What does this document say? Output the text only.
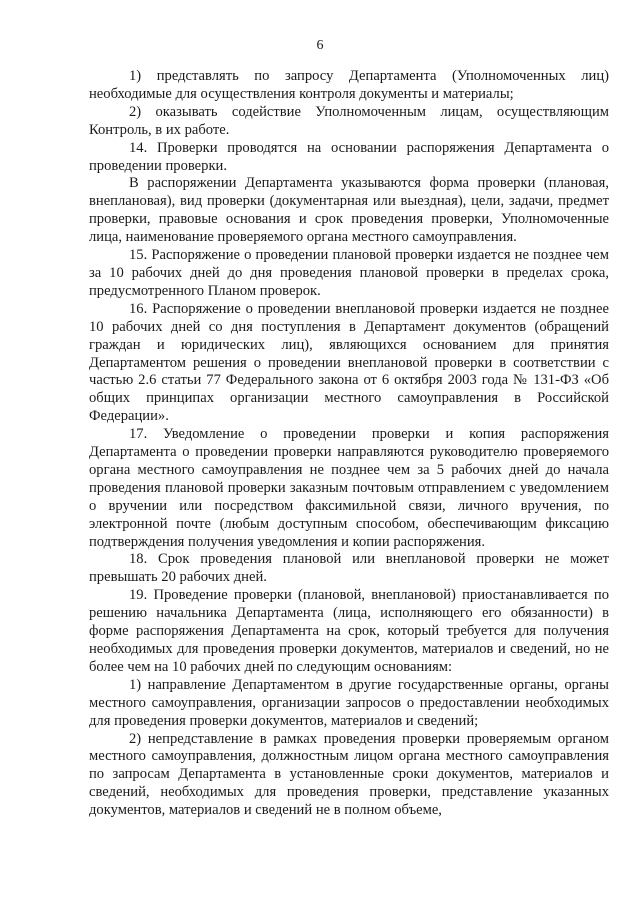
6

1) представлять по запросу Департамента (Уполномоченных лиц) необходимые для осуществления контроля документы и материалы;

2) оказывать содействие Уполномоченным лицам, осуществляющим Контроль, в их работе.

14. Проверки проводятся на основании распоряжения Департамента о проведении проверки.

В распоряжении Департамента указываются форма проверки (плановая, внеплановая), вид проверки (документарная или выездная), цели, задачи, предмет проверки, правовые основания и срок проведения проверки, Уполномоченные лица, наименование проверяемого органа местного самоуправления.

15. Распоряжение о проведении плановой проверки издается не позднее чем за 10 рабочих дней до дня проведения плановой проверки в пределах срока, предусмотренного Планом проверок.

16. Распоряжение о проведении внеплановой проверки издается не позднее 10 рабочих дней со дня поступления в Департамент документов (обращений граждан и юридических лиц), являющихся основанием для принятия Департаментом решения о проведении внеплановой проверки в соответствии с частью 2.6 статьи 77 Федерального закона от 6 октября 2003 года № 131-ФЗ «Об общих принципах организации местного самоуправления в Российской Федерации».

17. Уведомление о проведении проверки и копия распоряжения Департамента о проведении проверки направляются руководителю проверяемого органа местного самоуправления не позднее чем за 5 рабочих дней до начала проведения плановой проверки заказным почтовым отправлением с уведомлением о вручении или посредством факсимильной связи, личного вручения, по электронной почте (любым доступным способом, обеспечивающим фиксацию подтверждения получения уведомления и копии распоряжения.

18. Срок проведения плановой или внеплановой проверки не может превышать 20 рабочих дней.

19. Проведение проверки (плановой, внеплановой) приостанавливается по решению начальника Департамента (лица, исполняющего его обязанности) в форме распоряжения Департамента на срок, который требуется для получения необходимых для проведения проверки документов, материалов и сведений, но не более чем на 10 рабочих дней по следующим основаниям:

1) направление Департаментом в другие государственные органы, органы местного самоуправления, организации запросов о предоставлении необходимых для проведения проверки документов, материалов и сведений;

2) непредставление в рамках проведения проверки проверяемым органом местного самоуправления, должностным лицом органа местного самоуправления по запросам Департамента в установленные сроки документов, материалов и сведений, необходимых для проведения проверки, представление указанных документов, материалов и сведений не в полном объеме,
